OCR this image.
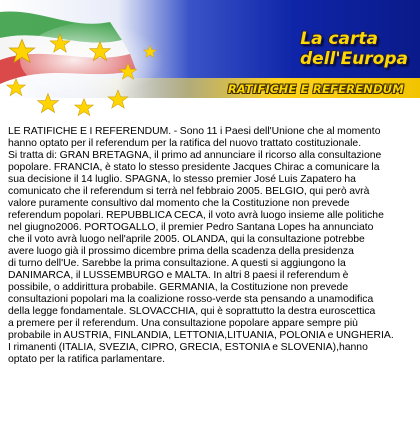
La carta
dell'Europa
RATIFICHE E REFERENDUM
LE RATIFICHE E I REFERENDUM. - Sono 11 i Paesi dell'Unione che al momento
hanno optato per il referendum per la ratifica del nuovo trattato costituzionale.
Si tratta di: GRAN BRETAGNA, il primo ad annunciare il ricorso alla consultazione
popolare. FRANCIA, è stato lo stesso presidente Jacques Chirac a comunicare la
sua decisione il 14 luglio. SPAGNA, lo stesso premier José Luis Zapatero ha
comunicato che il referendum si terrà nel febbraio 2005. BELGIO, qui però avrà
valore puramente consultivo dal momento che la Costituzione non prevede
referendum popolari. REPUBBLICA CECA, il voto avrà luogo insieme alle politiche
nel giugno2006. PORTOGALLO, il premier Pedro Santana Lopes ha annunciato
che il voto avrà luogo nell'aprile 2005. OLANDA, qui la consultazione potrebbe
avere luogo già il prossimo dicembre prima della scadenza della presidenza
di turno dell'Ue. Sarebbe la prima consultazione. A questi si aggiungono la
DANIMARCA, il LUSSEMBURGO e MALTA. In altri 8 paesi il referendum è
possibile, o addirittura probabile. GERMANIA, la Costituzione non prevede
consultazioni popolari ma la coalizione rosso-verde sta pensando a unamodifica
della legge fondamentale. SLOVACCHIA, qui è soprattutto la destra euroscettica
a premere per il referendum. Una consultazione popolare appare sempre più
probabile in AUSTRIA, FINLANDIA, LETTONIA,LITUANIA, POLONIA e UNGHERIA.
I rimanenti (ITALIA, SVEZIA, CIPRO, GRECIA, ESTONIA e SLOVENIA),hanno
optato per la ratifica parlamentare.
